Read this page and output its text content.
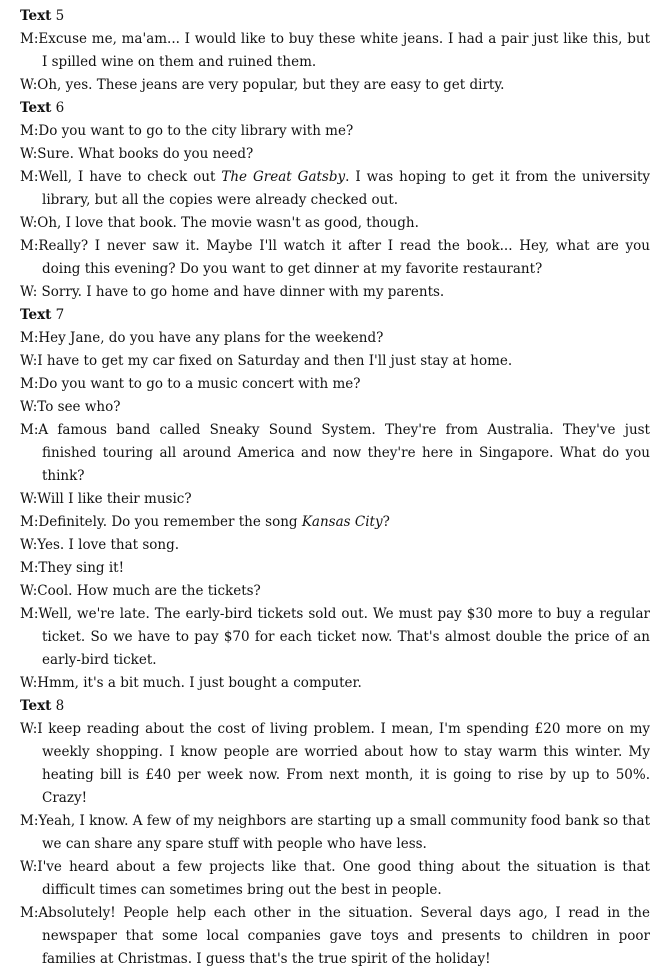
Text 5

M:Excuse me, ma'am... I would like to buy these white jeans. I had a pair just like this, but I spilled wine on them and ruined them.

W:Oh, yes. These jeans are very popular, but they are easy to get dirty.

Text 6

M:Do you want to go to the city library with me?

W:Sure. What books do you need?

M:Well, I have to check out The Great Gatsby. I was hoping to get it from the university library, but all the copies were already checked out.

W:Oh, I love that book. The movie wasn't as good, though.

M:Really? I never saw it. Maybe I'll watch it after I read the book... Hey, what are you doing this evening? Do you want to get dinner at my favorite restaurant?

W: Sorry. I have to go home and have dinner with my parents.

Text 7

M:Hey Jane, do you have any plans for the weekend?

W:I have to get my car fixed on Saturday and then I'll just stay at home.

M:Do you want to go to a music concert with me?

W:To see who?

M:A famous band called Sneaky Sound System. They're from Australia. They've just finished touring all around America and now they're here in Singapore. What do you think?

W:Will I like their music?

M:Definitely. Do you remember the song Kansas City?

W:Yes. I love that song.

M:They sing it!

W:Cool. How much are the tickets?

M:Well, we're late. The early-bird tickets sold out. We must pay $30 more to buy a regular ticket. So we have to pay $70 for each ticket now. That's almost double the price of an early-bird ticket.

W:Hmm, it's a bit much. I just bought a computer.

Text 8

W:I keep reading about the cost of living problem. I mean, I'm spending £20 more on my weekly shopping. I know people are worried about how to stay warm this winter. My heating bill is £40 per week now. From next month, it is going to rise by up to 50%. Crazy!

M:Yeah, I know. A few of my neighbors are starting up a small community food bank so that we can share any spare stuff with people who have less.

W:I've heard about a few projects like that. One good thing about the situation is that difficult times can sometimes bring out the best in people.

M:Absolutely! People help each other in the situation. Several days ago, I read in the newspaper that some local companies gave toys and presents to children in poor families at Christmas. I guess that's the true spirit of the holiday!
